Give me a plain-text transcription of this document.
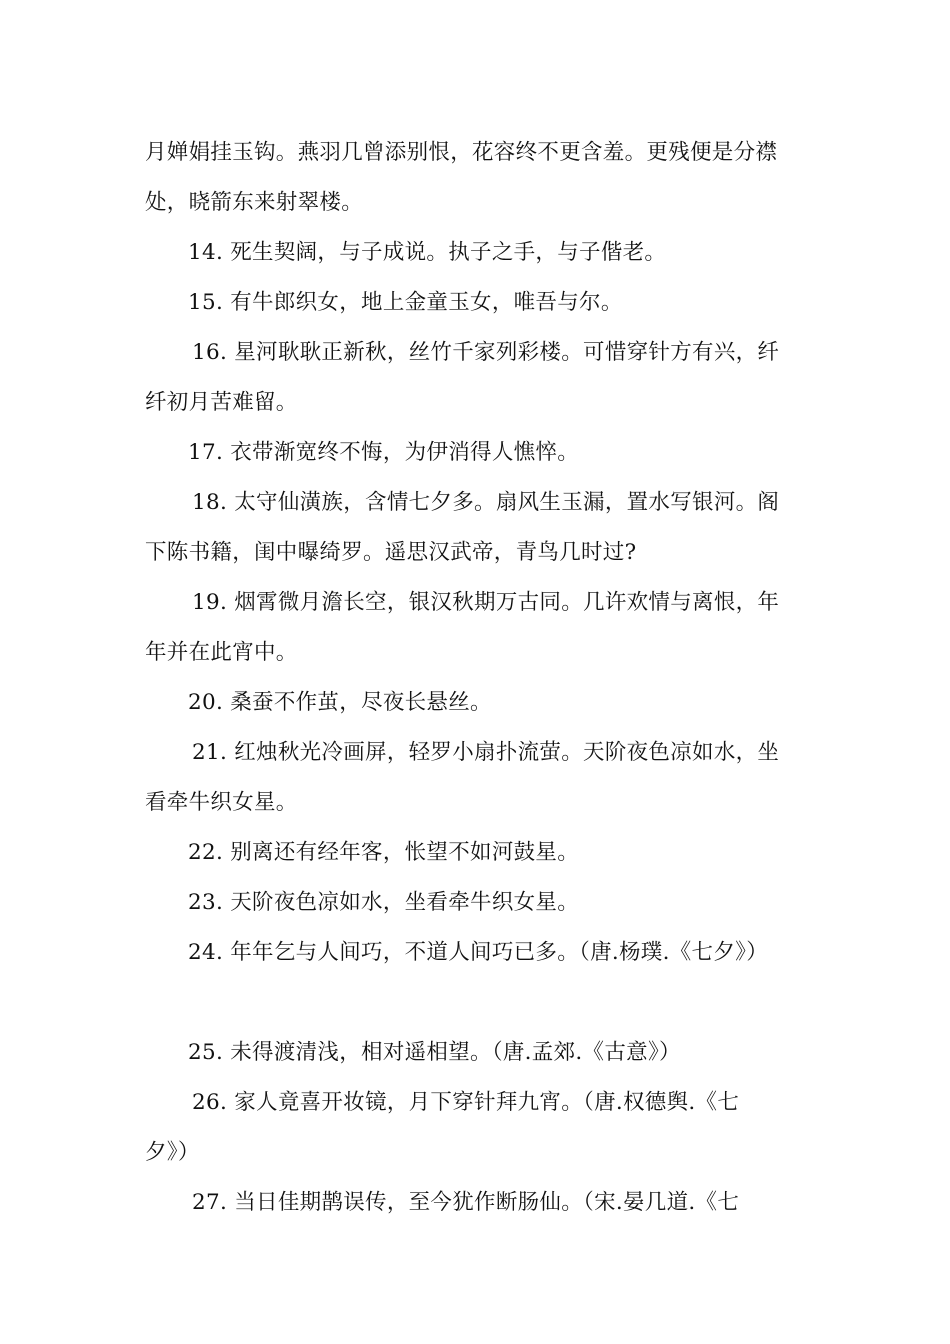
月婵娟挂玉钩。燕羽几曾添别恨，花容终不更含羞。更残便是分襟
处，晓箭东来射翠楼。
14. 死生契阔，与子成说。执子之手，与子偕老。
15. 有牛郎织女，地上金童玉女，唯吾与尔。
16. 星河耿耿正新秋，丝竹千家列彩楼。可惜穿针方有兴，纤
纤初月苦难留。
17. 衣带渐宽终不悔，为伊消得人憔悴。
18. 太守仙潢族，含情七夕多。扇风生玉漏，置水写银河。阁
下陈书籍，闺中曝绮罗。遥思汉武帝，青鸟几时过?
19. 烟霄微月澹长空，银汉秋期万古同。几许欢情与离恨，年
年并在此宵中。
20. 桑蚕不作茧，尽夜长悬丝。
21. 红烛秋光冷画屏，轻罗小扇扑流萤。天阶夜色凉如水，坐
看牵牛织女星。
22. 别离还有经年客，怅望不如河鼓星。
23. 天阶夜色凉如水，坐看牵牛织女星。
24. 年年乞与人间巧，不道人间巧已多。（唐.杨璞.《七夕》）
25. 未得渡清浅，相对遥相望。（唐.孟郊.《古意》）
26. 家人竟喜开妆镜，月下穿针拜九宵。（唐.权德舆.《七
夕》）
27. 当日佳期鹊误传，至今犹作断肠仙。（宋.晏几道.《七
